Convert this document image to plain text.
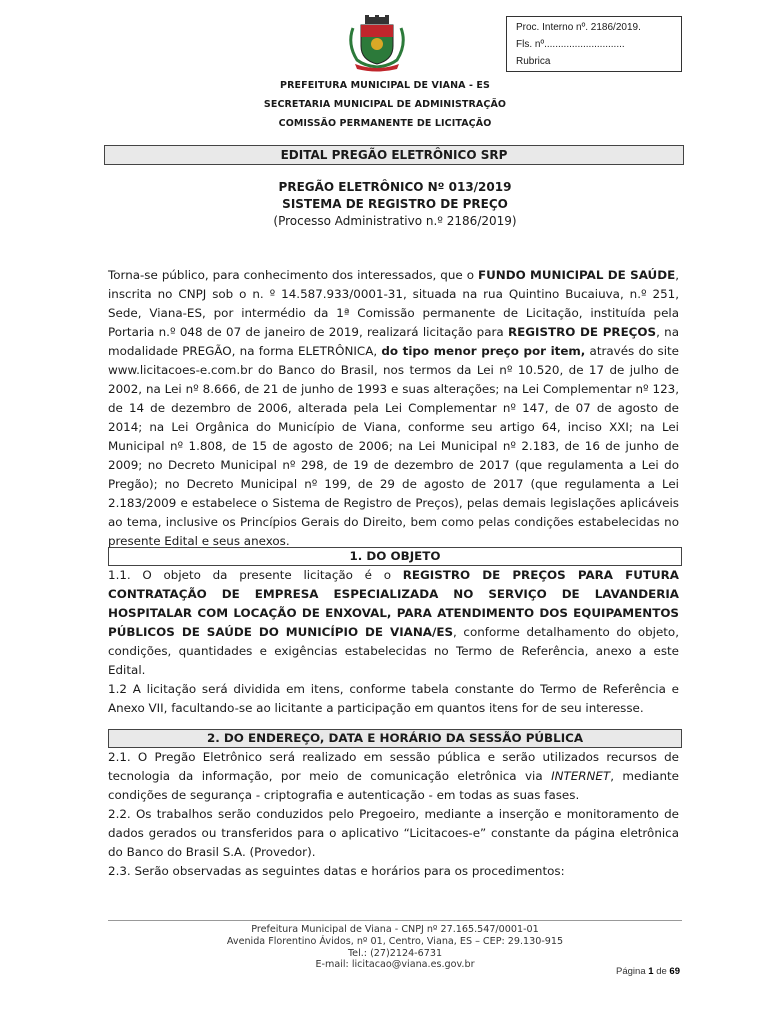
Proc. Interno nº. 2186/2019.
Fls. nº.............................
Rubrica
PREFEITURA MUNICIPAL DE VIANA - ES
SECRETARIA MUNICIPAL DE ADMINISTRAÇÃO
COMISSÃO PERMANENTE DE LICITAÇÃO
EDITAL PREGÃO ELETRÔNICO SRP
PREGÃO ELETRÔNICO Nº 013/2019
SISTEMA DE REGISTRO DE PREÇO
(Processo Administrativo n.º 2186/2019)

Torna-se público, para conhecimento dos interessados, que o FUNDO MUNICIPAL DE SAÚDE, inscrita no CNPJ sob o n. º 14.587.933/0001-31, situada na rua Quintino Bucaiuva, n.º 251, Sede, Viana-ES, por intermédio da 1ª Comissão permanente de Licitação, instituída pela Portaria n.º 048 de 07 de janeiro de 2019, realizará licitação para REGISTRO DE PREÇOS, na modalidade PREGÃO, na forma ELETRÔNICA, do tipo menor preço por item, através do site www.licitacoes-e.com.br do Banco do Brasil, nos termos da Lei nº 10.520, de 17 de julho de 2002, na Lei nº 8.666, de 21 de junho de 1993 e suas alterações; na Lei Complementar nº 123, de 14 de dezembro de 2006, alterada pela Lei Complementar nº 147, de 07 de agosto de 2014; na Lei Orgânica do Município de Viana, conforme seu artigo 64, inciso XXI; na Lei Municipal nº 1.808, de 15 de agosto de 2006; na Lei Municipal nº 2.183, de 16 de junho de 2009; no Decreto Municipal nº 298, de 19 de dezembro de 2017 (que regulamenta a Lei do Pregão); no Decreto Municipal nº 199, de 29 de agosto de 2017 (que regulamenta a Lei 2.183/2009 e estabelece o Sistema de Registro de Preços), pelas demais legislações aplicáveis ao tema, inclusive os Princípios Gerais do Direito, bem como pelas condições estabelecidas no presente Edital e seus anexos.

1. DO OBJETO

1.1. O objeto da presente licitação é o REGISTRO DE PREÇOS PARA FUTURA CONTRATAÇÃO DE EMPRESA ESPECIALIZADA NO SERVIÇO DE LAVANDERIA HOSPITALAR COM LOCAÇÃO DE ENXOVAL, PARA ATENDIMENTO DOS EQUIPAMENTOS PÚBLICOS DE SAÚDE DO MUNICÍPIO DE VIANA/ES, conforme detalhamento do objeto, condições, quantidades e exigências estabelecidas no Termo de Referência, anexo a este Edital.

1.2 A licitação será dividida em itens, conforme tabela constante do Termo de Referência e Anexo VII, facultando-se ao licitante a participação em quantos itens for de seu interesse.

2. DO ENDEREÇO, DATA E HORÁRIO DA SESSÃO PÚBLICA

2.1. O Pregão Eletrônico será realizado em sessão pública e serão utilizados recursos de tecnologia da informação, por meio de comunicação eletrônica via INTERNET, mediante condições de segurança - criptografia e autenticação - em todas as suas fases.

2.2. Os trabalhos serão conduzidos pelo Pregoeiro, mediante a inserção e monitoramento de dados gerados ou transferidos para o aplicativo “Licitacoes-e” constante da página eletrônica do Banco do Brasil S.A. (Provedor).

2.3. Serão observadas as seguintes datas e horários para os procedimentos:

Prefeitura Municipal de Viana - CNPJ nº 27.165.547/0001-01
Avenida Florentino Ávidos, nº 01, Centro, Viana, ES – CEP: 29.130-915
Tel.: (27)2124-6731
E-mail: licitacao@viana.es.gov.br
Página 1 de 69
